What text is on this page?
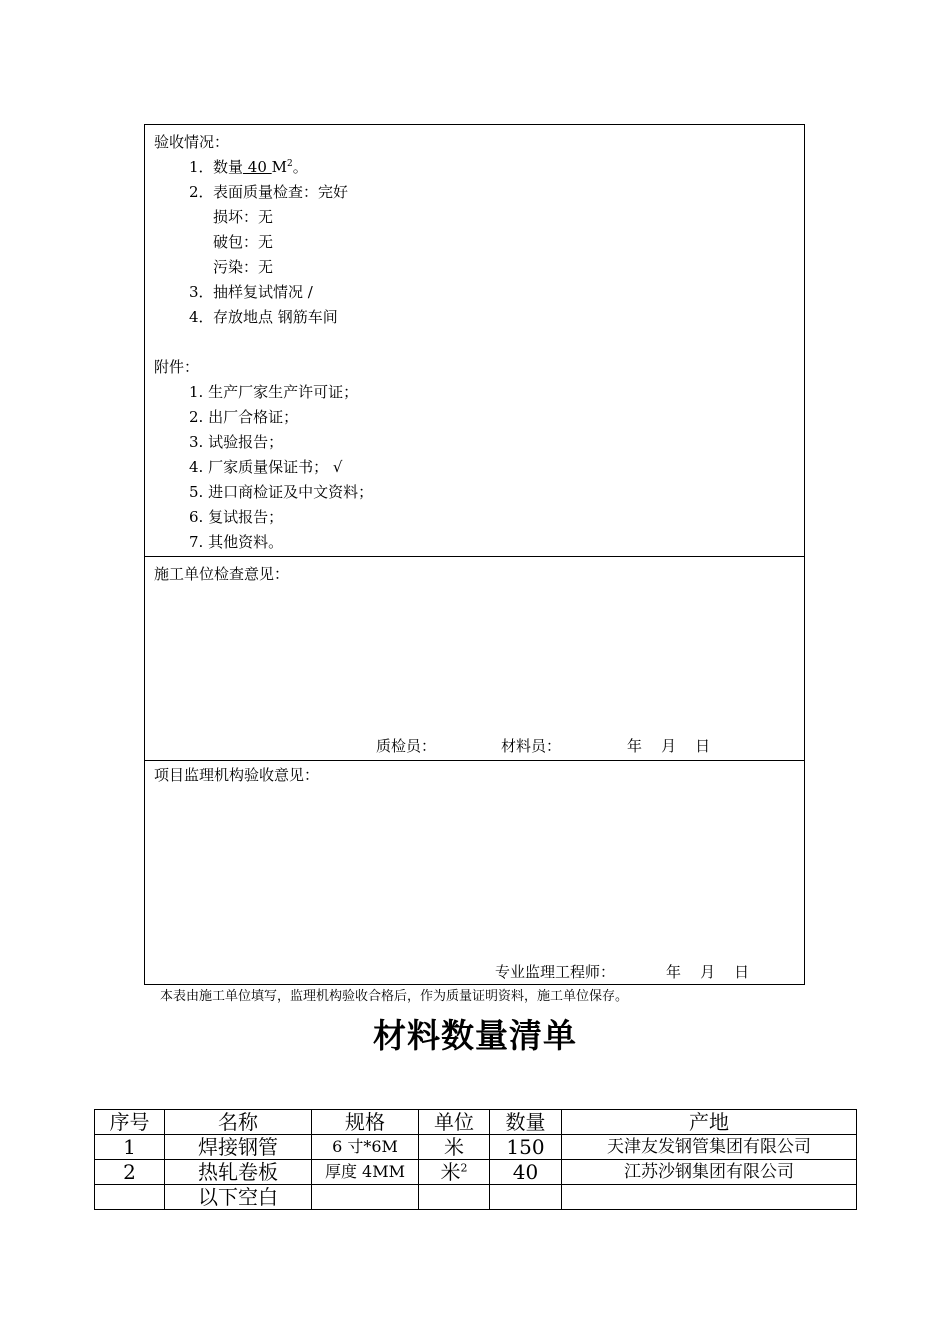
验收情况：
1．数量 40 $M^2$。
2．表面质量检查：完好
损坏：无
破包：无
污染：无
3．抽样复试情况 /
4．存放地点 钢筋车间
附件：
1. 生产厂家生产许可证；
2. 出厂合格证；
3. 试验报告；
4. 厂家质量保证书； √
5. 进口商检证及中文资料；
6. 复试报告；
7. 其他资料。
施工单位检查意见：
质检员：	材料员：	年    月    日
项目监理机构验收意见：
专业监理工程师：	年    月    日
本表由施工单位填写，监理机构验收合格后，作为质量证明资料，施工单位保存。
材料数量清单
序号	名称	规格	单位	数量	产地
1	焊接钢管	6 寸*6M	米	150	天津友发钢管集团有限公司
2	热轧卷板	厚度 4MM	米$^2$	40	江苏沙钢集团有限公司
	以下空白				
